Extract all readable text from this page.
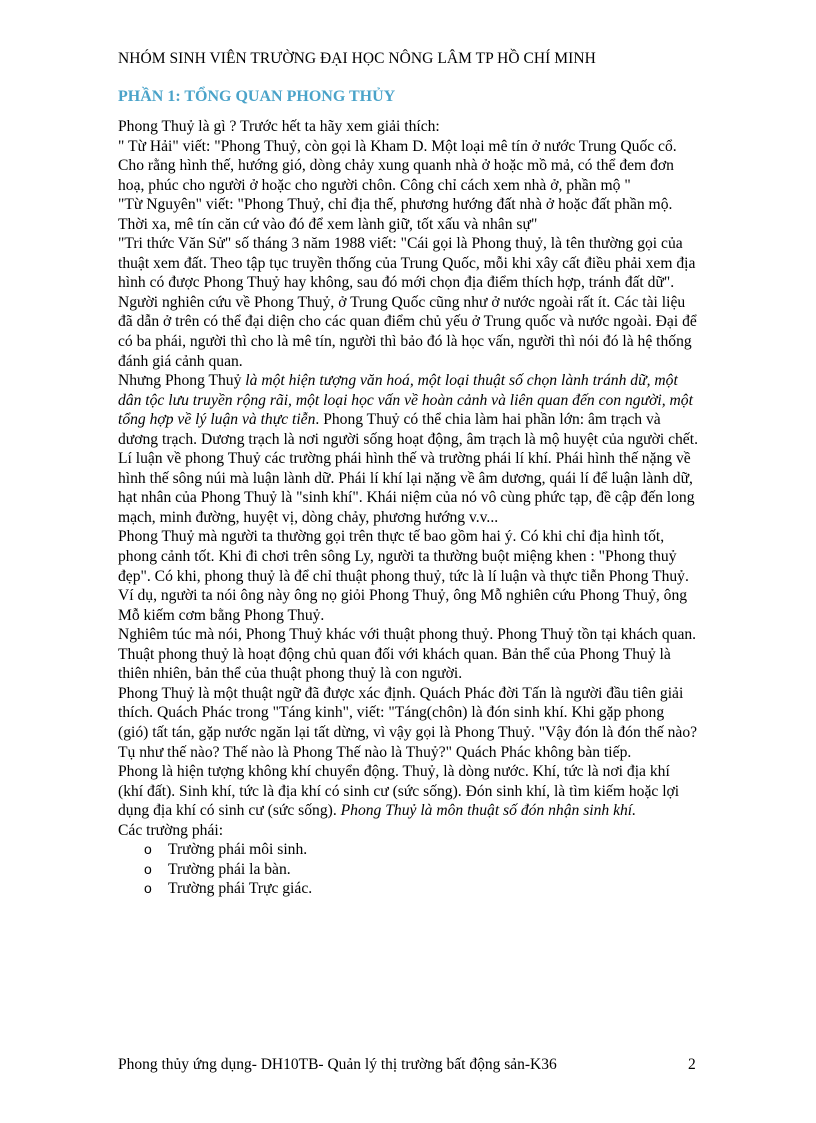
NHÓM SINH VIÊN TRƯỜNG ĐẠI HỌC NÔNG LÂM TP HỒ CHÍ MINH
PHẦN 1: TỔNG QUAN PHONG THỦY

Phong Thuỷ là gì ? Trước hết ta hãy xem giải thích:

" Từ Hải" viết: "Phong Thuỷ, còn gọi là Kham D. Một loại mê tín ở nước Trung Quốc cổ. Cho rằng hình thế, hướng gió, dòng chảy xung quanh nhà ở hoặc mồ mả, có thể đem đơn hoạ, phúc cho người ở hoặc cho người chôn. Công chỉ cách xem nhà ở, phần mộ "

"Từ Nguyên" viết: "Phong Thuỷ, chỉ địa thế, phương hướng đất nhà ở hoặc đất phần mộ. Thời xa, mê tín căn cứ vào đó để xem lành giữ, tốt xấu và nhân sự"

"Tri thức Văn Sử" số tháng 3 năm 1988 viết: "Cái gọi là Phong thuỷ, là tên thường gọi của thuật xem đất. Theo tập tục truyền thống của Trung Quốc, mỗi khi xây cất điều phải xem địa hình có được Phong Thuỷ hay không, sau đó mới chọn địa điểm thích hợp, tránh đất dữ".

Người nghiên cứu về Phong Thuỷ, ở Trung Quốc cũng như ở nước ngoài rất ít. Các tài liệu đã dẫn ở trên có thể đại diện cho các quan điểm chủ yếu ở Trung quốc và nước ngoài. Đại để có ba phái, người thì cho là mê tín, người thì bảo đó là học vấn, người thì nói đó là hệ thống đánh giá cảnh quan.

Nhưng Phong Thuỷ là một hiện tượng văn hoá, một loại thuật số chọn lành tránh dữ, một dân tộc lưu truyền rộng rãi, một loại học vấn về hoàn cảnh và liên quan đến con người, một tổng hợp về lý luận và thực tiễn. Phong Thuỷ có thể chia làm hai phần lớn: âm trạch và dương trạch. Dương trạch là nơi người sống hoạt động, âm trạch là mộ huyệt của người chết. Lí luận về phong Thuỷ các trường phái hình thế và trường phái lí khí. Phái hình thế nặng về hình thế sông núi mà luận lành dữ. Phái lí khí lại nặng về âm dương, quái lí để luận lành dữ, hạt nhân của Phong Thuỷ là "sinh khí". Khái niệm của nó vô cùng phức tạp, đề cập đến long mạch, minh đường, huyệt vị, dòng chảy, phương hướng v.v...

Phong Thuỷ mà người ta thường gọi trên thực tế bao gồm hai ý. Có khi chỉ địa hình tốt, phong cảnh tốt. Khi đi chơi trên sông Ly, người ta thường buột miệng khen : "Phong thuỷ đẹp". Có khi, phong thuỷ là để chỉ thuật phong thuỷ, tức là lí luận và thực tiễn Phong Thuỷ. Ví dụ, người ta nói ông này ông nọ giỏi Phong Thuỷ, ông Mỗ nghiên cứu Phong Thuỷ, ông Mỗ kiếm cơm bằng Phong Thuỷ.

Nghiêm túc mà nói, Phong Thuỷ khác với thuật phong thuỷ. Phong Thuỷ tồn tại khách quan. Thuật phong thuỷ là hoạt động chủ quan đối với khách quan. Bản thể của Phong Thuỷ là thiên nhiên, bản thể của thuật phong thuỷ là con người.

Phong Thuỷ là một thuật ngữ đã được xác định. Quách Phác đời Tấn là người đầu tiên giải thích. Quách Phác trong "Táng kinh", viết: "Táng(chôn) là đón sinh khí. Khi gặp phong (gió) tất tán, gặp nước ngăn lại tất dừng, vì vậy gọi là Phong Thuỷ. "Vậy đón là đón thế nào? Tụ như thế nào? Thế nào là Phong Thế nào là Thuỷ?" Quách Phác không bàn tiếp.

Phong là hiện tượng không khí chuyển động. Thuỷ, là dòng nước. Khí, tức là nơi địa khí (khí đất). Sinh khí, tức là địa khí có sinh cư (sức sống). Đón sinh khí, là tìm kiếm hoặc lợi dụng địa khí có sinh cư (sức sống). Phong Thuỷ là môn thuật số đón nhận sinh khí.

Các trường phái:

o Trường phái môi sinh.
o Trường phái la bàn.
o Trường phái Trực giác.
Phong thủy ứng dụng- DH10TB- Quản lý thị trường bất động sản-K36	2
